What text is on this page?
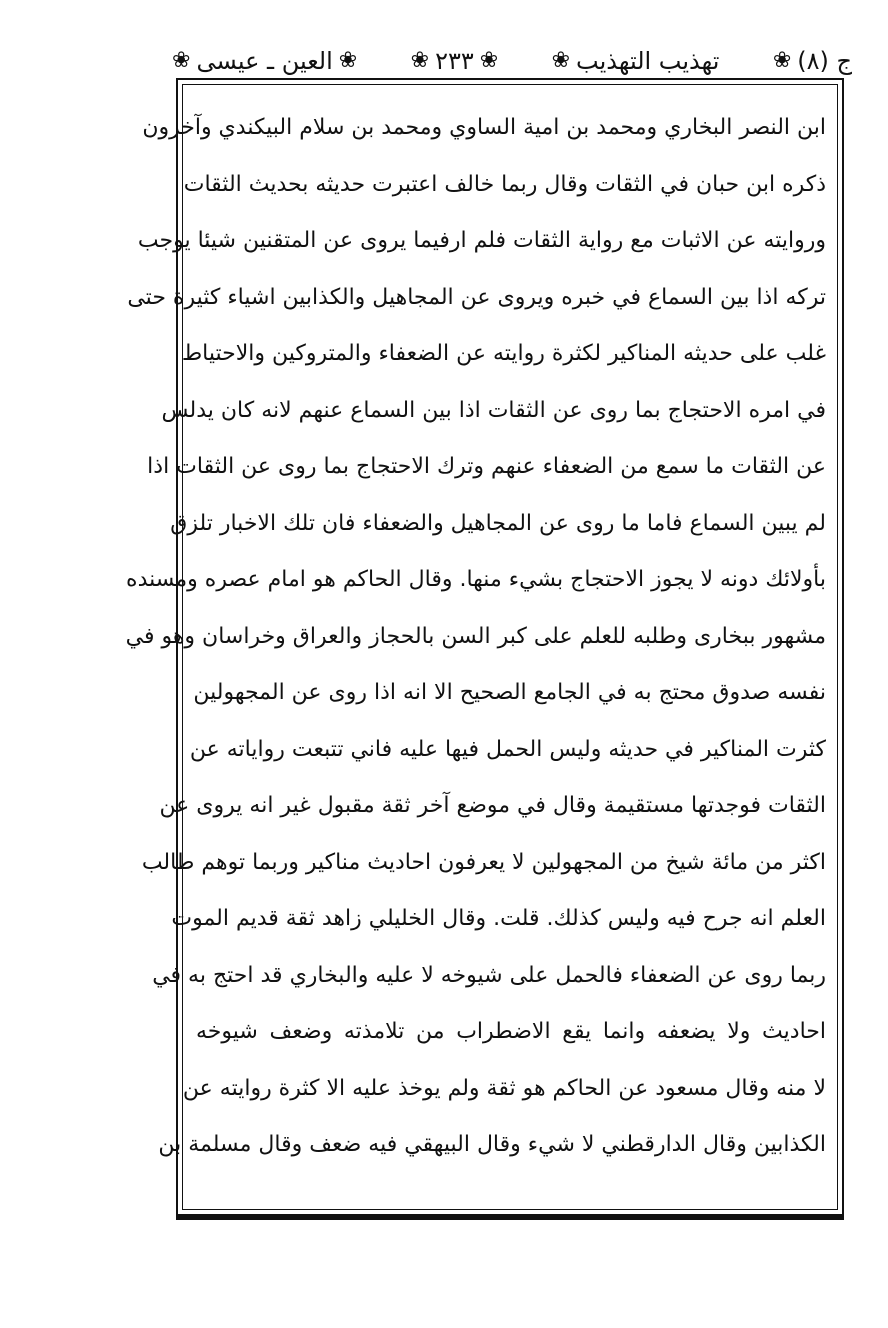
ج (٨)
❀
تهذيب التهذيب
❀
❀
٢٣٣
❀
❀
العين ـ عيسى
❀
ابن النصر البخاري ومحمد بن امية الساوي ومحمد بن سلام البيكندي وآخرون
ذكره ابن حبان في الثقات وقال ربما خالف اعتبرت حديثه بحديث الثقات
وروايته عن الاثبات مع رواية الثقات فلم ارفيما يروى عن المتقنين شيئا يوجب
تركه اذا بين السماع في خبره ويروى عن المجاهيل والكذابين اشياء كثيرة حتى
غلب على حديثه المناكير لكثرة روايته عن الضعفاء والمتروكين والاحتياط
في امره الاحتجاج بما روى عن الثقات اذا بين السماع عنهم لانه كان يدلس
عن الثقات ما سمع من الضعفاء عنهم وترك الاحتجاج بما روى عن الثقات اذا
لم يبين السماع فاما ما روى عن المجاهيل والضعفاء فان تلك الاخبار تلزق
بأولائك دونه لا يجوز الاحتجاج بشيء منها. وقال الحاكم هو امام عصره ومسنده
مشهور ببخارى وطلبه للعلم على كبر السن بالحجاز والعراق وخراسان وهو في
نفسه صدوق محتج به في الجامع الصحيح الا انه اذا روى عن المجهولين
كثرت المناكير في حديثه وليس الحمل فيها عليه فاني تتبعت رواياته عن
الثقات فوجدتها مستقيمة وقال في موضع آخر ثقة مقبول غير انه يروى عن
اكثر من مائة شيخ من المجهولين لا يعرفون احاديث مناكير وربما توهم طالب
العلم انه جرح فيه وليس كذلك. قلت. وقال الخليلي زاهد ثقة قديم الموت
ربما روى عن الضعفاء فالحمل على شيوخه لا عليه والبخاري قد احتج به في
احاديث ولا يضعفه وانما يقع الاضطراب من تلامذته وضعف شيوخه
لا منه وقال مسعود عن الحاكم هو ثقة ولم يوخذ عليه الا كثرة روايته عن
الكذابين وقال الدارقطني لا شيء وقال البيهقي فيه ضعف وقال مسلمة بن
